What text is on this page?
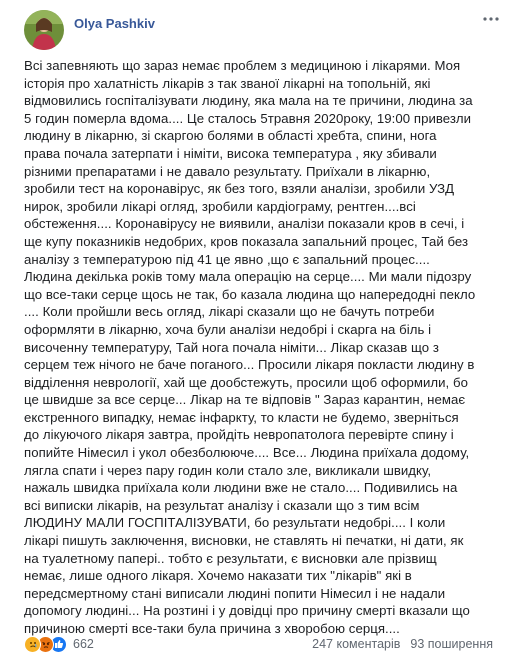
Olya Pashkiv
Всі запевняють що зараз немає проблем з медициною і лікарями. Моя
історія про халатність лікарів з так званої лікарні на топольній, які
відмовились госпіталізувати людину, яка мала на те причини, людина за
5 годин померла вдома.... Це сталось 5травня 2020року, 19:00 привезли
людину в лікарню, зі скаргою болями в області хребта, спини, нога
права почала затерпати і німіти, висока температура , яку збивали
різними препаратами і не давало результату. Приїхали в лікарню,
зробили тест на коронавірус, як без того, взяли аналізи, зробили УЗД
нирок, зробили лікарі огляд, зробили кардіограму, рентген....всі
обстеження.... Коронавірусу не виявили, аналізи показали кров в сечі, і
ще купу показників недобрих, кров показала запальний процес, Тай без
аналізу з температурою під 41 це явно ,що є запальний процес....
Людина декілька років тому мала операцію на серце.... Ми мали підозру
що все-таки серце щось не так, бо казала людина що напередодні пекло
.... Коли пройшли весь огляд, лікарі сказали що не бачуть потреби
оформляти в лікарню, хоча були аналізи недобрі і скарга на біль і
височенну температуру, Тай нога почала німіти... Лікар сказав що з
серцем теж нічого не бачe поганого... Просили лікаря покласти людину в
відділення неврології, хай ще дообстежуть, просили щоб оформили, бо
це швидше за все серце... Лікар на те відповів " Зараз карантин, немає
екстренного випадку, немає інфаркту, то класти не будемо, зверніться
до лікуючого лікаря завтра, пройдіть невропатолога перевірте спину і
попийте Німесил і укол обезболюючe.... Все... Людина приїхала додому,
лягла спати і через пару годин коли стало зле, викликали швидку,
нажаль швидка приїхала коли людини вже не стало.... Подивились на
всі виписки лікарів, на результат аналізу і сказали що з тим всім
ЛЮДИНУ МАЛИ ГОСПІТАЛІЗУВАТИ, бо результати недобрі.... І коли
лікарі пишуть заключення, висновки, не ставлять ні печатки, ні дати, як
на туалетному папері.. тобто є результати, є висновки але прізвищ
немає, лише одного лікаря. Хочемо наказати тих "лікарів" які в
передсмертному стані виписали людині попити Німесил і не надали
допомогу людині... На розтині і у довідці про причину смерті вказали що
причиною смерті все-таки була причина з хворобою серця....
662	247 коментарів 93 поширення
